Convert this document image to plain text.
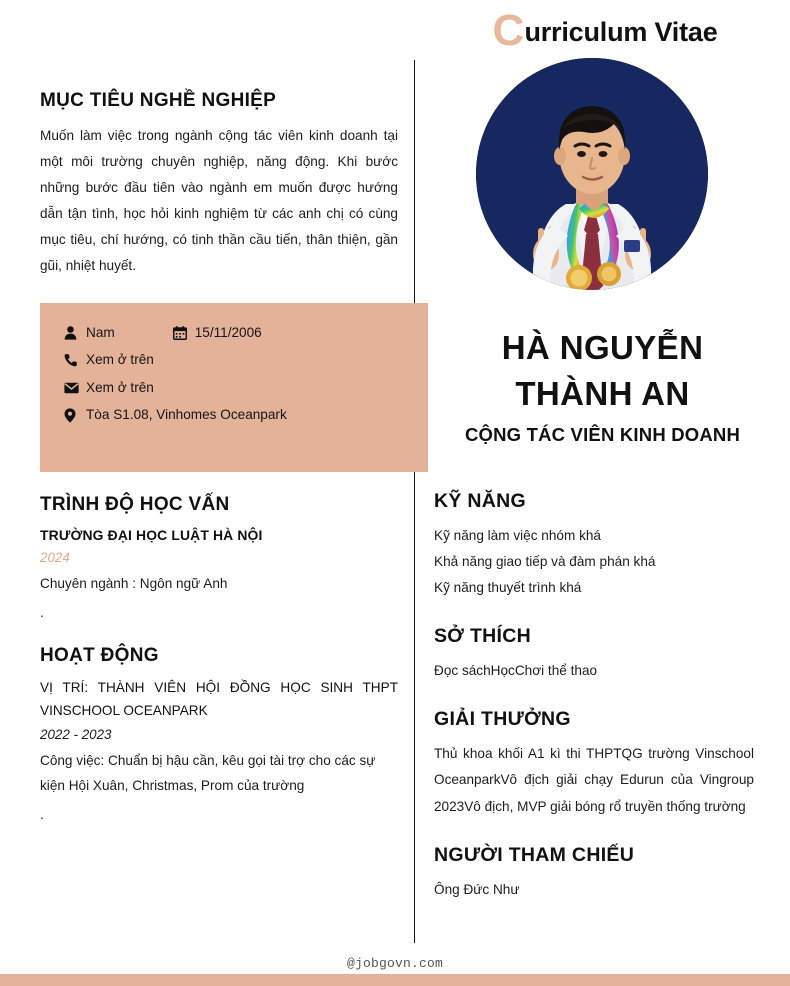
C urriculum Vitae
HÀ NGUYỄN
THÀNH AN
CỘNG TÁC VIÊN KINH DOANH
MỤC TIÊU NGHỀ NGHIỆP

Muốn làm việc trong ngành cộng tác viên kinh doanh tại một môi trường chuyên nghiệp, năng động. Khi bước những bước đầu tiên vào ngành em muốn được hướng dẫn tận tình, học hỏi kinh nghiệm từ các anh chị có cùng mục tiêu, chí hướng, có tinh thần cầu tiến, thân thiện, gần gũi, nhiệt huyết.

Nam	15/11/2006
Xem ở trên
Xem ở trên
Tòa S1.08, Vinhomes Oceanpark
TRÌNH ĐỘ HỌC VẤN

TRƯỜNG ĐẠI HỌC LUẬT HÀ NỘI

2024

Chuyên ngành : Ngôn ngữ Anh

.

HOẠT ĐỘNG

VỊ TRÍ: THÀNH VIÊN HỘI ĐỒNG HỌC SINH THPT VINSCHOOL OCEANPARK

2022 - 2023

Công việc: Chuẩn bị hậu cần, kêu gọi tài trợ cho các sự kiện Hội Xuân, Christmas, Prom của trường

.

KỸ NĂNG

Kỹ năng làm việc nhóm khá

Khả năng giao tiếp và đàm phán khá

Kỹ năng thuyết trình khá

SỞ THÍCH

Đọc sáchHọcChơi thể thao

GIẢI THƯỞNG

Thủ khoa khối A1 kì thi THPTQG trường Vinschool OceanparkVô địch giải chạy Edurun của Vingroup 2023Vô địch, MVP giải bóng rổ truyền thống trường

NGƯỜI THAM CHIẾU

Ông Đức Như

@jobgovn.com
